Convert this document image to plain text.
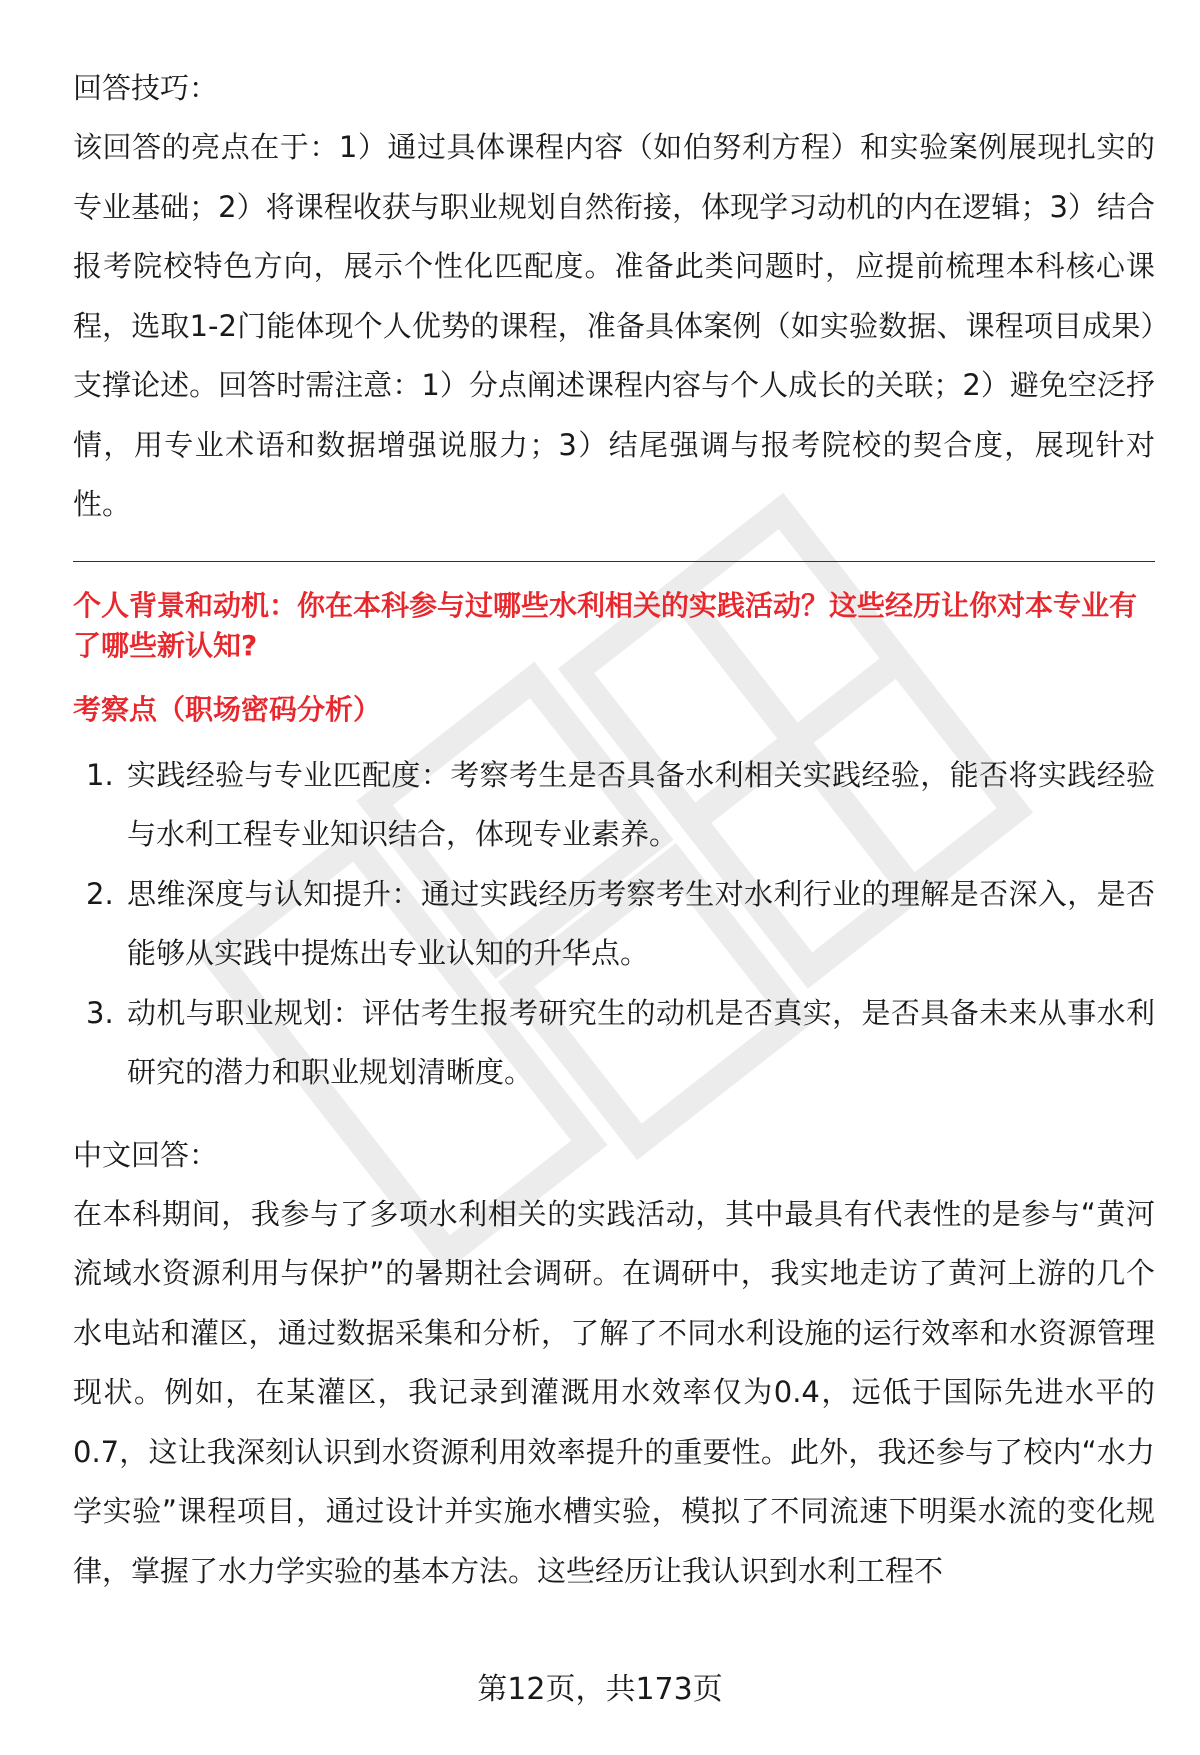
回答技巧：

该回答的亮点在于：1）通过具体课程内容（如伯努利方程）和实验案例展现扎实的专业基础；2）将课程收获与职业规划自然衔接，体现学习动机的内在逻辑；3）结合报考院校特色方向，展示个性化匹配度。准备此类问题时，应提前梳理本科核心课程，选取1-2门能体现个人优势的课程，准备具体案例（如实验数据、课程项目成果）支撑论述。回答时需注意：1）分点阐述课程内容与个人成长的关联；2）避免空泛抒情，用专业术语和数据增强说服力；3）结尾强调与报考院校的契合度，展现针对性。

个人背景和动机：你在本科参与过哪些水利相关的实践活动？这些经历让你对本专业有了哪些新认知?

考察点（职场密码分析）

1. 实践经验与专业匹配度：考察考生是否具备水利相关实践经验，能否将实践经验与水利工程专业知识结合，体现专业素养。
2. 思维深度与认知提升：通过实践经历考察考生对水利行业的理解是否深入，是否能够从实践中提炼出专业认知的升华点。
3. 动机与职业规划：评估考生报考研究生的动机是否真实，是否具备未来从事水利研究的潜力和职业规划清晰度。

中文回答：

在本科期间，我参与了多项水利相关的实践活动，其中最具有代表性的是参与“黄河流域水资源利用与保护”的暑期社会调研。在调研中，我实地走访了黄河上游的几个水电站和灌区，通过数据采集和分析，了解了不同水利设施的运行效率和水资源管理现状。例如，在某灌区，我记录到灌溉用水效率仅为0.4，远低于国际先进水平的0.7，这让我深刻认识到水资源利用效率提升的重要性。此外，我还参与了校内“水力学实验”课程项目，通过设计并实施水槽实验，模拟了不同流速下明渠水流的变化规律，掌握了水力学实验的基本方法。这些经历让我认识到水利工程不

第12页，共173页
